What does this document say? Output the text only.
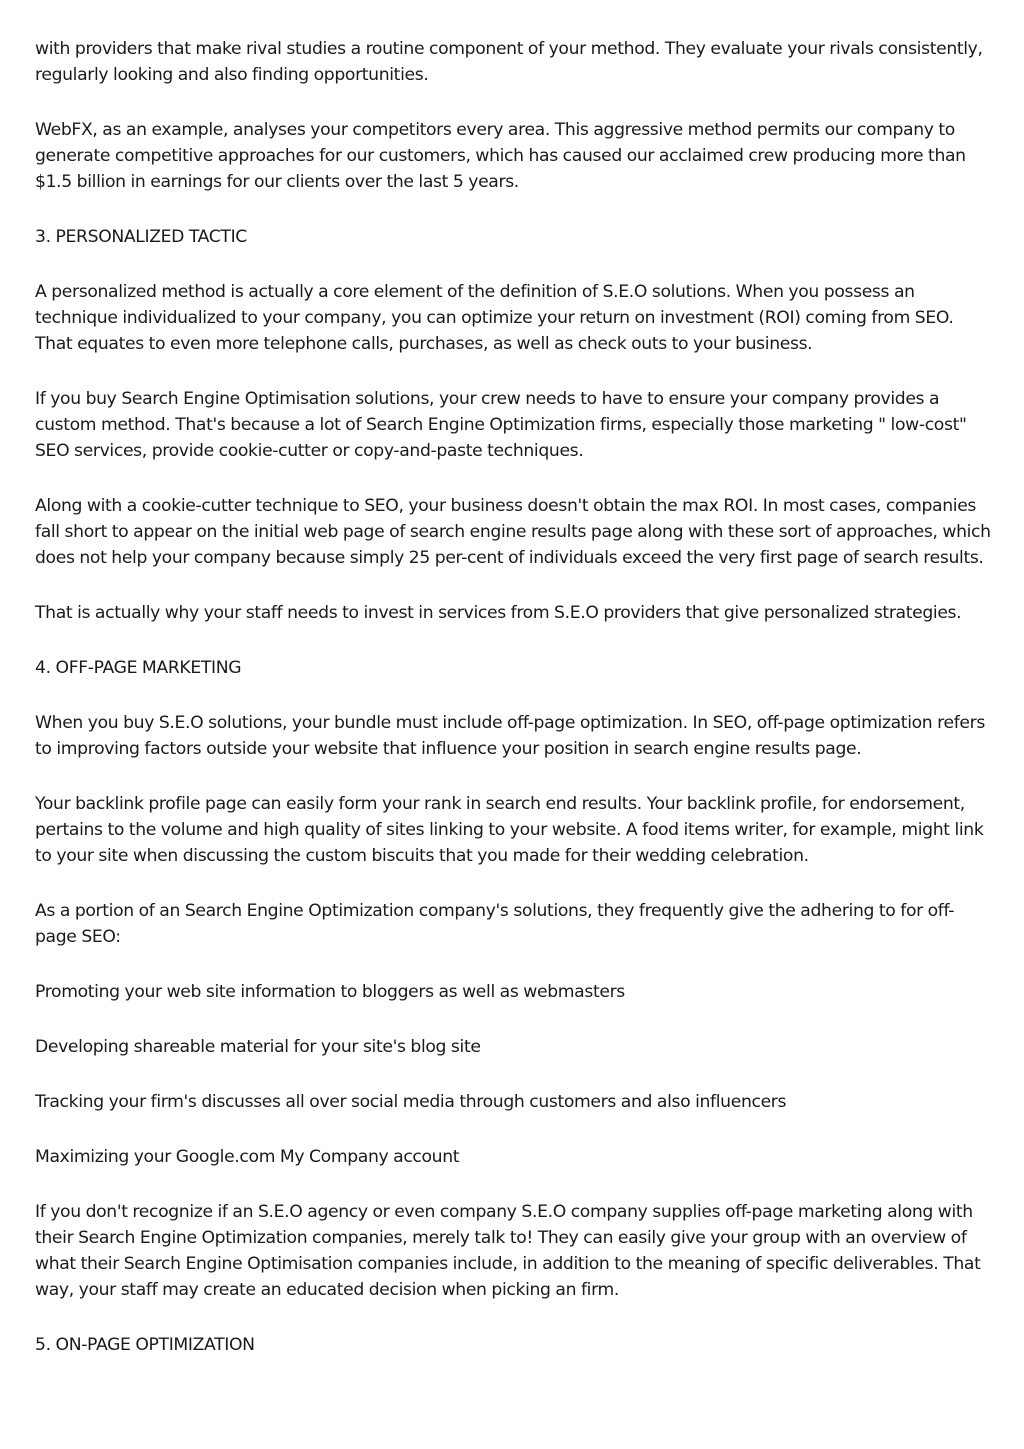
with providers that make rival studies a routine component of your method. They evaluate your rivals consistently, regularly looking and also finding opportunities.

WebFX, as an example, analyses your competitors every area. This aggressive method permits our company to generate competitive approaches for our customers, which has caused our acclaimed crew producing more than $1.5 billion in earnings for our clients over the last 5 years.

3. PERSONALIZED TACTIC

A personalized method is actually a core element of the definition of S.E.O solutions. When you possess an technique individualized to your company, you can optimize your return on investment (ROI) coming from SEO. That equates to even more telephone calls, purchases, as well as check outs to your business.

If you buy Search Engine Optimisation solutions, your crew needs to have to ensure your company provides a custom method. That's because a lot of Search Engine Optimization firms, especially those marketing " low-cost" SEO services, provide cookie-cutter or copy-and-paste techniques.

Along with a cookie-cutter technique to SEO, your business doesn't obtain the max ROI. In most cases, companies fall short to appear on the initial web page of search engine results page along with these sort of approaches, which does not help your company because simply 25 per-cent of individuals exceed the very first page of search results.

That is actually why your staff needs to invest in services from S.E.O providers that give personalized strategies.

4. OFF-PAGE MARKETING

When you buy S.E.O solutions, your bundle must include off-page optimization. In SEO, off-page optimization refers to improving factors outside your website that influence your position in search engine results page.

Your backlink profile page can easily form your rank in search end results. Your backlink profile, for endorsement, pertains to the volume and high quality of sites linking to your website. A food items writer, for example, might link to your site when discussing the custom biscuits that you made for their wedding celebration.

As a portion of an Search Engine Optimization company's solutions, they frequently give the adhering to for off-page SEO:

Promoting your web site information to bloggers as well as webmasters

Developing shareable material for your site's blog site

Tracking your firm's discusses all over social media through customers and also influencers

Maximizing your Google.com My Company account

If you don't recognize if an S.E.O agency or even company S.E.O company supplies off-page marketing along with their Search Engine Optimization companies, merely talk to! They can easily give your group with an overview of what their Search Engine Optimisation companies include, in addition to the meaning of specific deliverables. That way, your staff may create an educated decision when picking an firm.

5. ON-PAGE OPTIMIZATION
